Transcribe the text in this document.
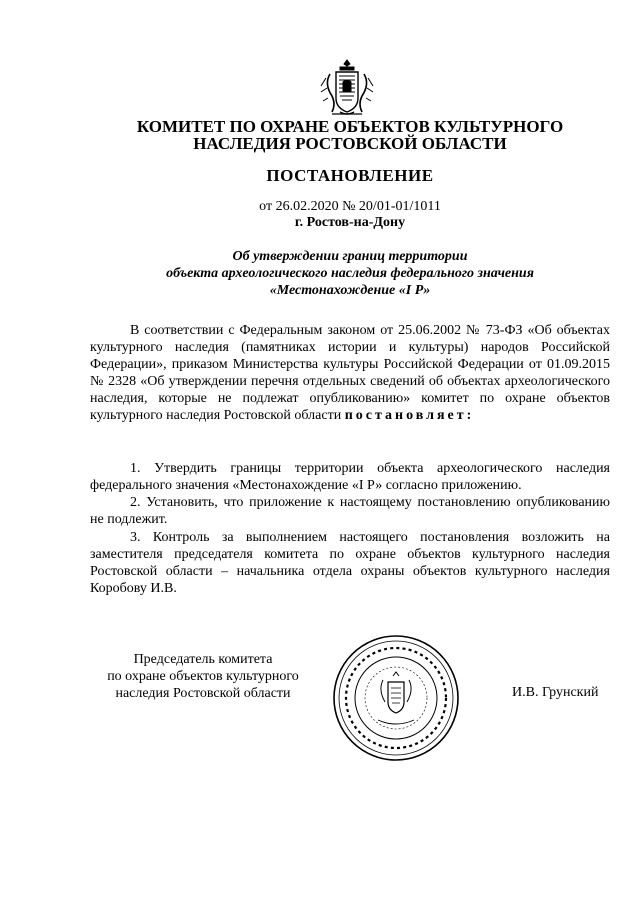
КОМИТЕТ ПО ОХРАНЕ ОБЪЕКТОВ КУЛЬТУРНОГО
НАСЛЕДИЯ РОСТОВСКОЙ ОБЛАСТИ
ПОСТАНОВЛЕНИЕ
от 26.02.2020 № 20/01-01/1011
г. Ростов-на-Дону
Об утверждении границ территории
объекта археологического наследия федерального значения
«Местонахождение «I Р»
В соответствии с Федеральным законом от 25.06.2002 № 73-ФЗ «Об объектах культурного наследия (памятниках истории и культуры) народов Российской Федерации», приказом Министерства культуры Российской Федерации от 01.09.2015 № 2328 «Об утверждении перечня отдельных сведений об объектах археологического наследия, которые не подлежат опубликованию» комитет по охране объектов культурного наследия Ростовской области постановляет:
1. Утвердить границы территории объекта археологического наследия федерального значения «Местонахождение «I Р» согласно приложению.
2. Установить, что приложение к настоящему постановлению опубликованию не подлежит.
3. Контроль за выполнением настоящего постановления возложить на заместителя председателя комитета по охране объектов культурного наследия Ростовской области – начальника отдела охраны объектов культурного наследия Коробову И.В.
Председатель комитета
по охране объектов культурного
наследия Ростовской области	И.В. Грунский
